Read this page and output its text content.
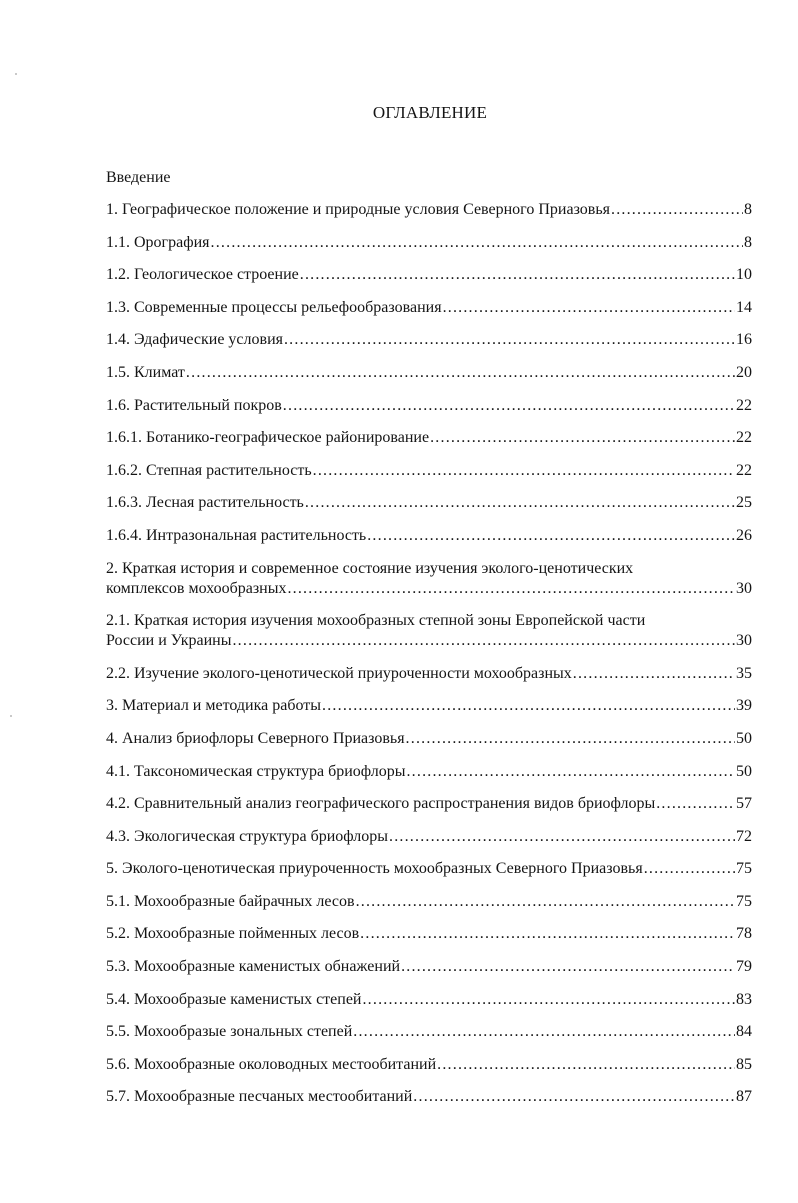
ОГЛАВЛЕНИЕ
Введение
1. Географическое положение и природные условия Северного Приазовья .....	8
1.1. Орография .....	8
1.2. Геологическое строение .....	10
1.3. Современные процессы рельефообразования .....	14
1.4. Эдафические условия .....	16
1.5. Климат .....	20
1.6. Растительный покров .....	22
1.6.1. Ботанико-географическое районирование .....	22
1.6.2. Степная растительность .....	22
1.6.3. Лесная растительность .....	25
1.6.4. Интразональная растительность .....	26
2. Краткая история и современное состояние изучения эколого-ценотических
комплексов мохообразных .....	30
2.1. Краткая история изучения мохообразных степной зоны Европейской части
России и Украины .....	30
2.2. Изучение эколого-ценотической приуроченности мохообразных .....	35
3. Материал и методика работы .....	39
4. Анализ бриофлоры Северного Приазовья .....	50
4.1. Таксономическая структура бриофлоры .....	50
4.2. Сравнительный анализ географического распространения видов бриофлоры .....	57
4.3. Экологическая структура бриофлоры .....	72
5. Эколого-ценотическая приуроченность мохообразных Северного Приазовья .....	75
5.1. Мохообразные байрачных лесов .....	75
5.2. Мохообразные пойменных лесов .....	78
5.3. Мохообразные каменистых обнажений .....	79
5.4. Мохообразые каменистых степей .....	83
5.5. Мохообразые зональных степей .....	84
5.6. Мохообразные околоводных местообитаний .....	85
5.7. Мохообразные песчаных местообитаний .....	87
